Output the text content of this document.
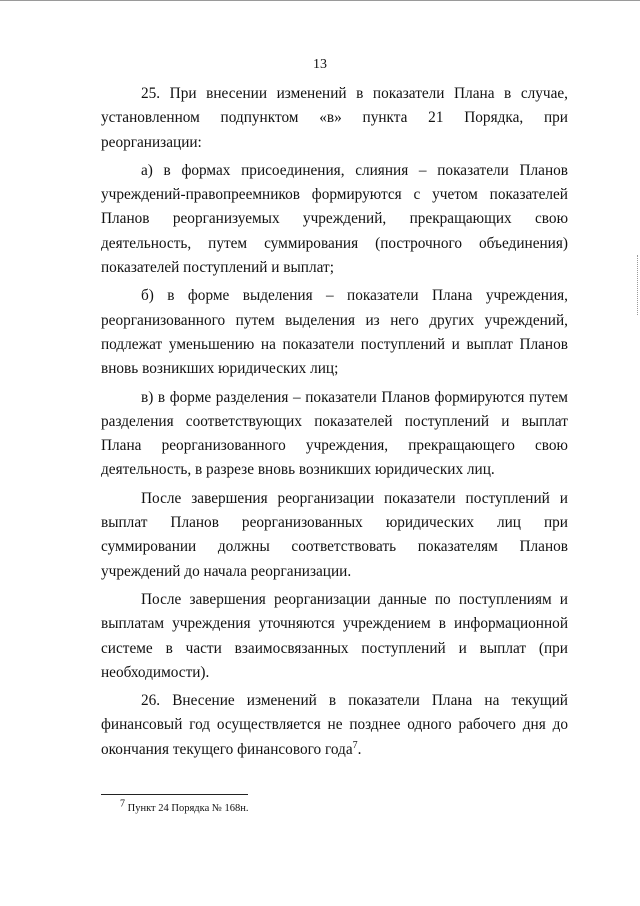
13

25. При внесении изменений в показатели Плана в случае, установленном подпунктом «в» пункта 21 Порядка, при реорганизации:

а) в формах присоединения, слияния – показатели Планов учреждений-правопреемников формируются с учетом показателей Планов реорганизуемых учреждений, прекращающих свою деятельность, путем суммирования (построчного объединения) показателей поступлений и выплат;

б) в форме выделения – показатели Плана учреждения, реорганизованного путем выделения из него других учреждений, подлежат уменьшению на показатели поступлений и выплат Планов вновь возникших юридических лиц;

в) в форме разделения – показатели Планов формируются путем разделения соответствующих показателей поступлений и выплат Плана реорганизованного учреждения, прекращающего свою деятельность, в разрезе вновь возникших юридических лиц.

После завершения реорганизации показатели поступлений и выплат Планов реорганизованных юридических лиц при суммировании должны соответствовать показателям Планов учреждений до начала реорганизации.

После завершения реорганизации данные по поступлениям и выплатам учреждения уточняются учреждением в информационной системе в части взаимосвязанных поступлений и выплат (при необходимости).

26. Внесение изменений в показатели Плана на текущий финансовый год осуществляется не позднее одного рабочего дня до окончания текущего финансового года$^7$.

$^7$ Пункт 24 Порядка № 168н.
